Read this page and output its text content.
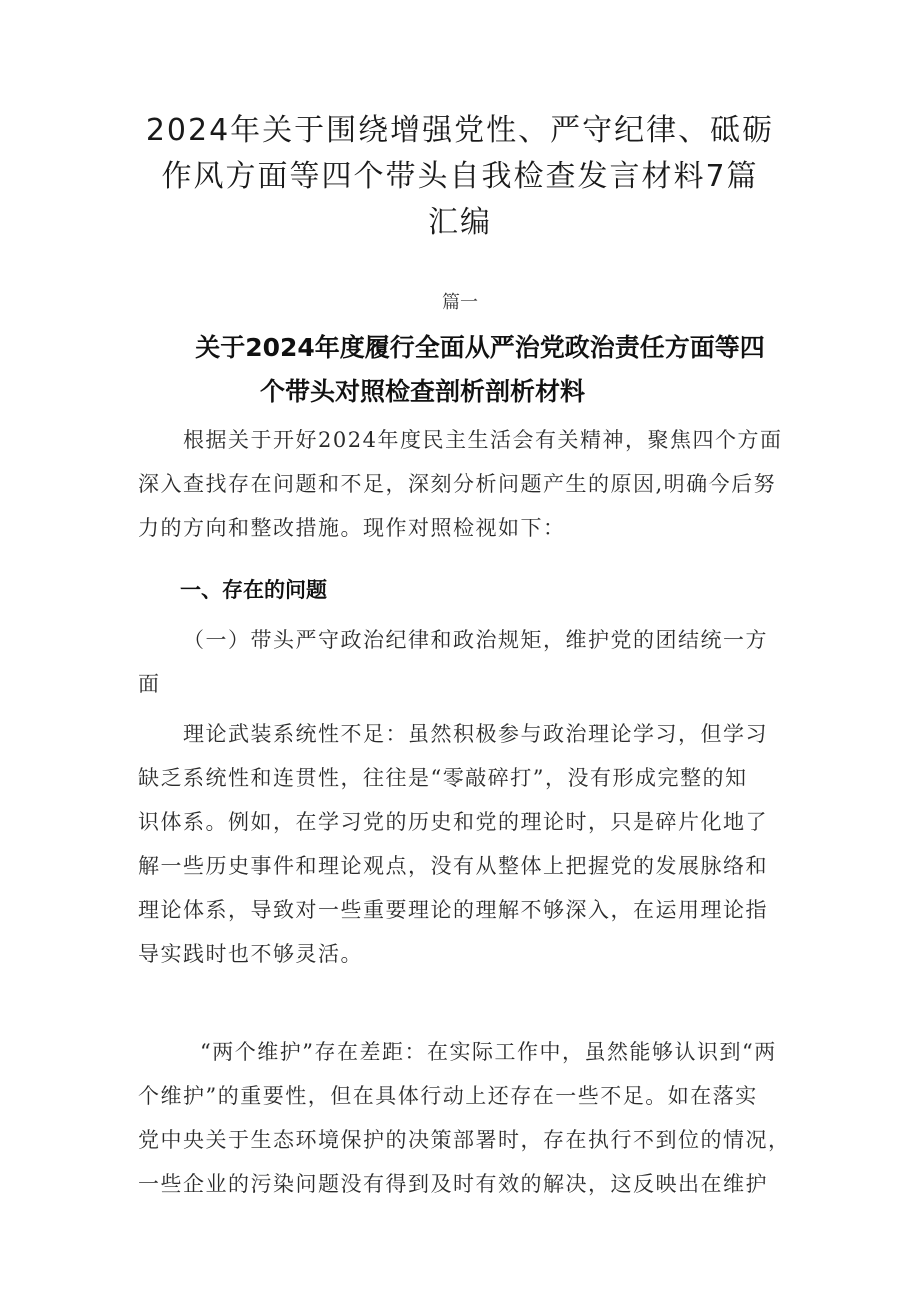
2024年关于围绕增强党性、严守纪律、砥砺
作风方面等四个带头自我检查发言材料7篇
汇编
篇一
关于2024年度履行全面从严治党政治责任方面等四
个带头对照检查剖析剖析材料
根据关于开好2024年度民主生活会有关精神，聚焦四个方面
深入查找存在问题和不足，深刻分析问题产生的原因,明确今后努
力的方向和整改措施。现作对照检视如下：
一、存在的问题
（一）带头严守政治纪律和政治规矩，维护党的团结统一方
面
理论武装系统性不足：虽然积极参与政治理论学习，但学习
缺乏系统性和连贯性，往往是“零敲碎打”，没有形成完整的知
识体系。例如，在学习党的历史和党的理论时，只是碎片化地了
解一些历史事件和理论观点，没有从整体上把握党的发展脉络和
理论体系，导致对一些重要理论的理解不够深入，在运用理论指
导实践时也不够灵活。
“两个维护”存在差距：在实际工作中，虽然能够认识到“两
个维护”的重要性，但在具体行动上还存在一些不足。如在落实
党中央关于生态环境保护的决策部署时，存在执行不到位的情况，
一些企业的污染问题没有得到及时有效的解决，这反映出在维护
